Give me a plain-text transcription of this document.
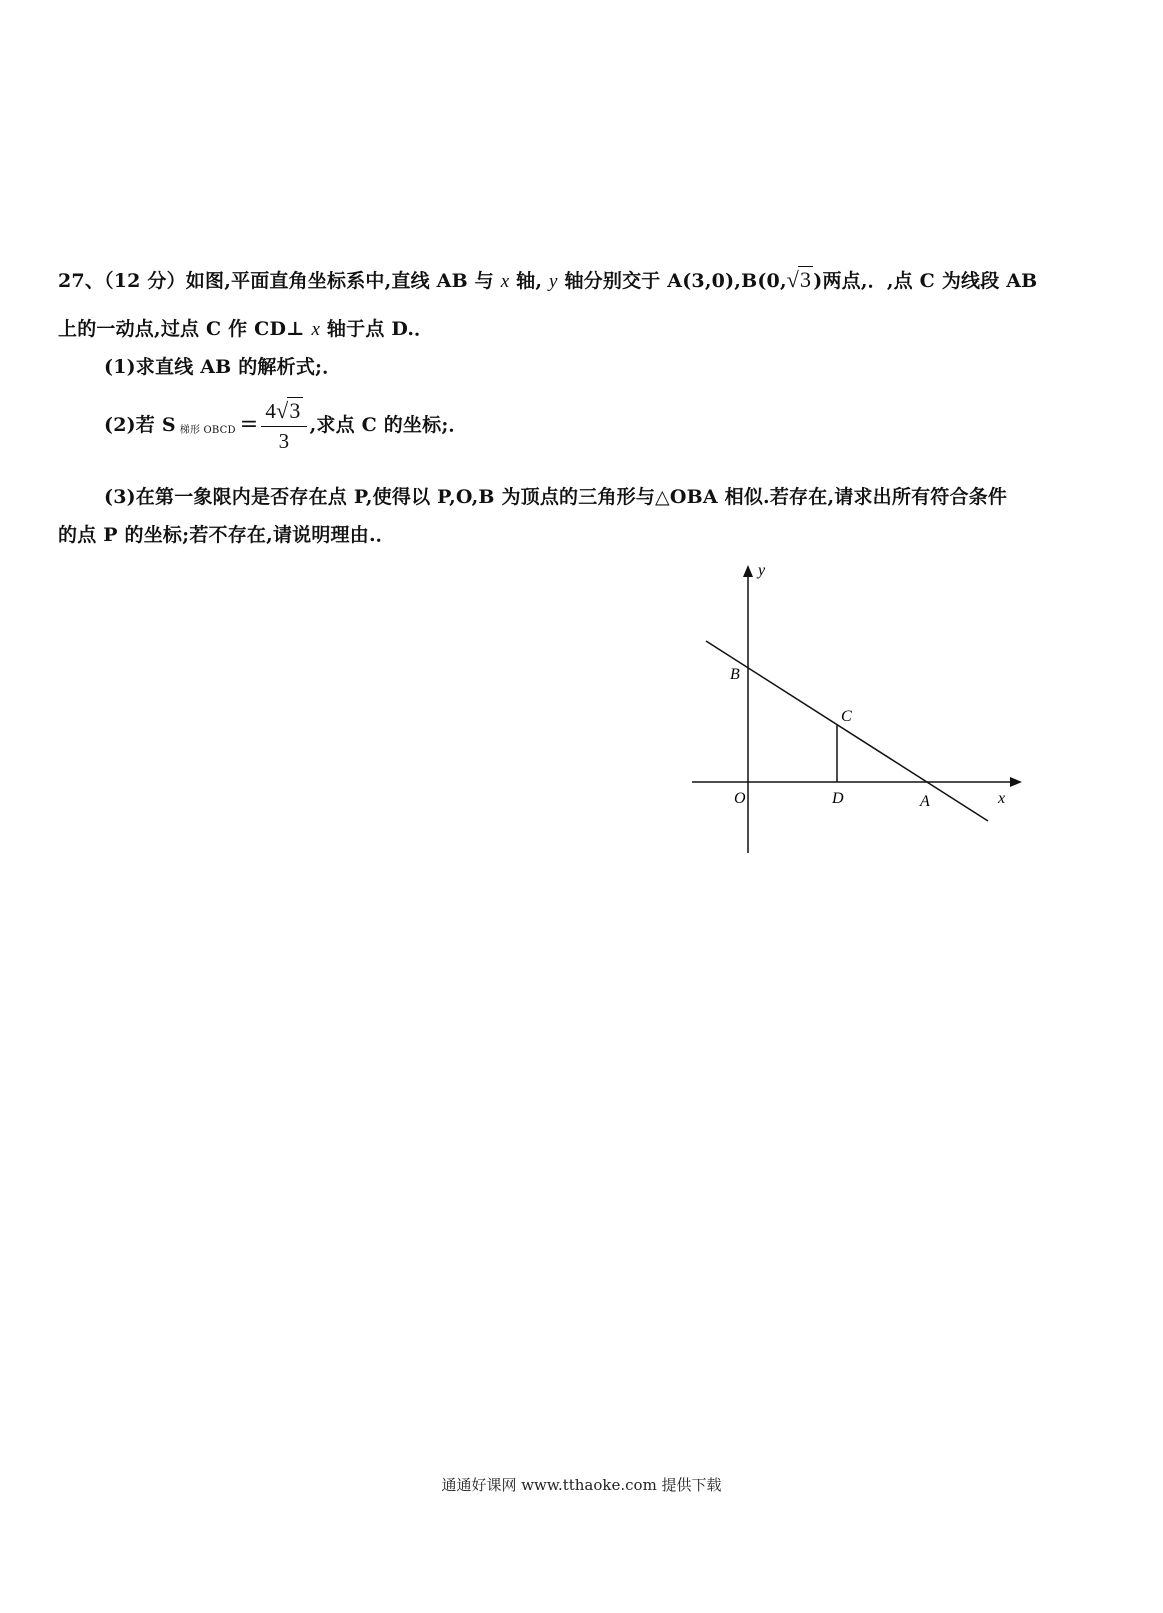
27、（12 分）如图,平面直角坐标系中,直线 AB 与 x 轴, y 轴分别交于 A(3,0),B(0,√3 )两点,．,点 C 为线段 AB
上的一动点,过点 C 作 CD⊥ x 轴于点 D.．
(1)求直线 AB 的解析式;．
(2)若 S $_{梯形 OBCD} = \frac{4√3}{3}$ ,求点 C 的坐标;．
(3)在第一象限内是否存在点 P,使得以 P,O,B 为顶点的三角形与△OBA 相似.若存在,请求出所有符合条件
的点 P 的坐标;若不存在,请说明理由.．
y
x
O
B
C
D	A
通通好课网 www.tthaoke.com 提供下载
